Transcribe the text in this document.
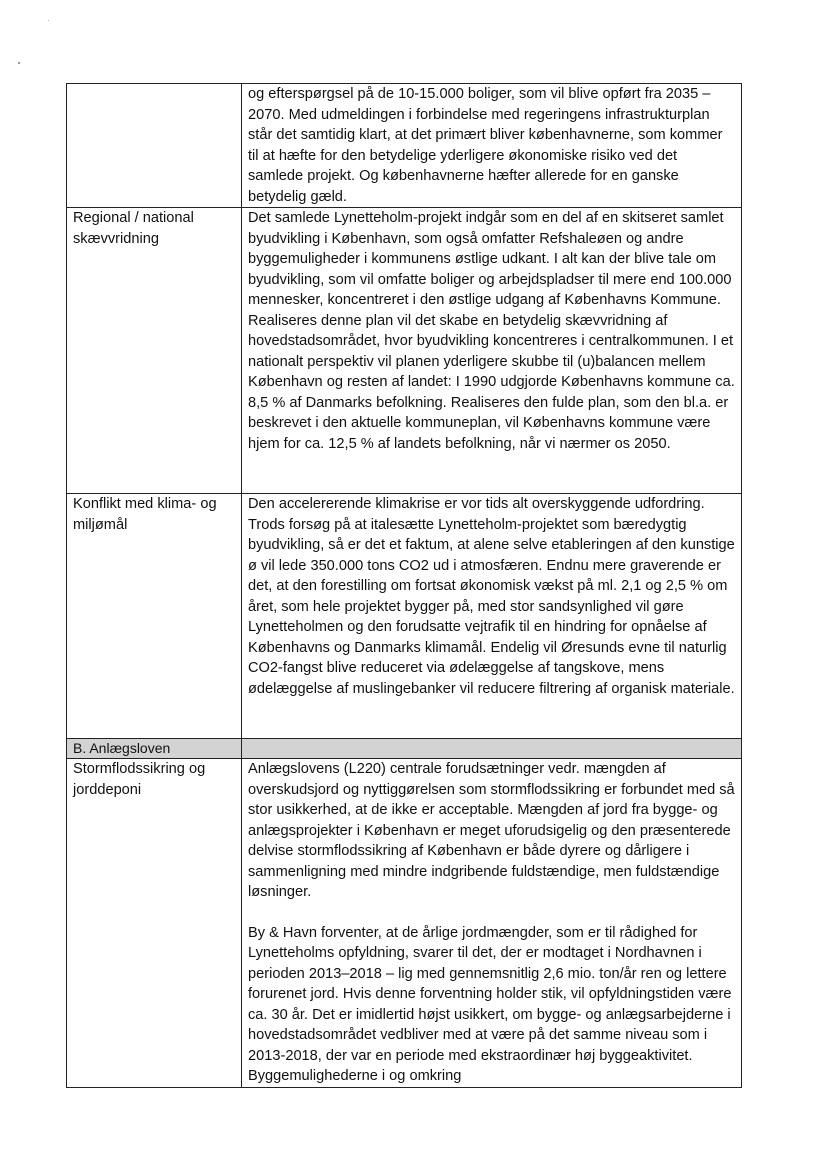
	og efterspørgsel på de 10-15.000 boliger, som vil blive opført fra 2035 – 2070. Med udmeldingen i forbindelse med regeringens infrastrukturplan står det samtidig klart, at det primært bliver københavnerne, som kommer til at hæfte for den betydelige yderligere økonomiske risiko ved det samlede projekt. Og københavnerne hæfter allerede for en ganske betydelig gæld.

Regional / national skævvridning	Det samlede Lynetteholm-projekt indgår som en del af en skitseret samlet byudvikling i København, som også omfatter Refshaleøen og andre byggemuligheder i kommunens østlige udkant. I alt kan der blive tale om byudvikling, som vil omfatte boliger og arbejdspladser til mere end 100.000 mennesker, koncentreret i den østlige udgang af Københavns Kommune. Realiseres denne plan vil det skabe en betydelig skævvridning af hovedstadsområdet, hvor byudvikling koncentreres i centralkommunen. I et nationalt perspektiv vil planen yderligere skubbe til (u)balancen mellem København og resten af landet: I 1990 udgjorde Københavns kommune ca. 8,5 % af Danmarks befolkning. Realiseres den fulde plan, som den bl.a. er beskrevet i den aktuelle kommuneplan, vil Københavns kommune være hjem for ca. 12,5 % af landets befolkning, når vi nærmer os 2050.

Konflikt med klima- og miljømål	Den accelererende klimakrise er vor tids alt overskyggende udfordring. Trods forsøg på at italesætte Lynetteholm-projektet som bæredygtig byudvikling, så er det et faktum, at alene selve etableringen af den kunstige ø vil lede 350.000 tons CO2 ud i atmosfæren. Endnu mere graverende er det, at den forestilling om fortsat økonomisk vækst på ml. 2,1 og 2,5 % om året, som hele projektet bygger på, med stor sandsynlighed vil gøre Lynetteholmen og den forudsatte vejtrafik til en hindring for opnåelse af Københavns og Danmarks klimamål. Endelig vil Øresunds evne til naturlig CO2-fangst blive reduceret via ødelæggelse af tangskove, mens ødelæggelse af muslingebanker vil reducere filtrering af organisk materiale.

B. Anlægsloven	
Stormflodssikring og jorddeponi	Anlægslovens (L220) centrale forudsætninger vedr. mængden af overskudsjord og nyttiggørelsen som stormflodssikring er forbundet med så stor usikkerhed, at de ikke er acceptable. Mængden af jord fra bygge- og anlægsprojekter i København er meget uforudsigelig og den præsenterede delvise stormflodssikring af København er både dyrere og dårligere i sammenligning med mindre indgribende fuldstændige, men fuldstændige løsninger.

By & Havn forventer, at de årlige jordmængder, som er til rådighed for Lynetteholms opfyldning, svarer til det, der er modtaget i Nordhavnen i perioden 2013–2018 – lig med gennemsnitlig 2,6 mio. ton/år ren og lettere forurenet jord. Hvis denne forventning holder stik, vil opfyldningstiden være ca. 30 år. Det er imidlertid højst usikkert, om bygge- og anlægsarbejderne i hovedstadsområdet vedbliver med at være på det samme niveau som i 2013-2018, der var en periode med ekstraordinær høj byggeaktivitet. Byggemulighederne i og omkring
